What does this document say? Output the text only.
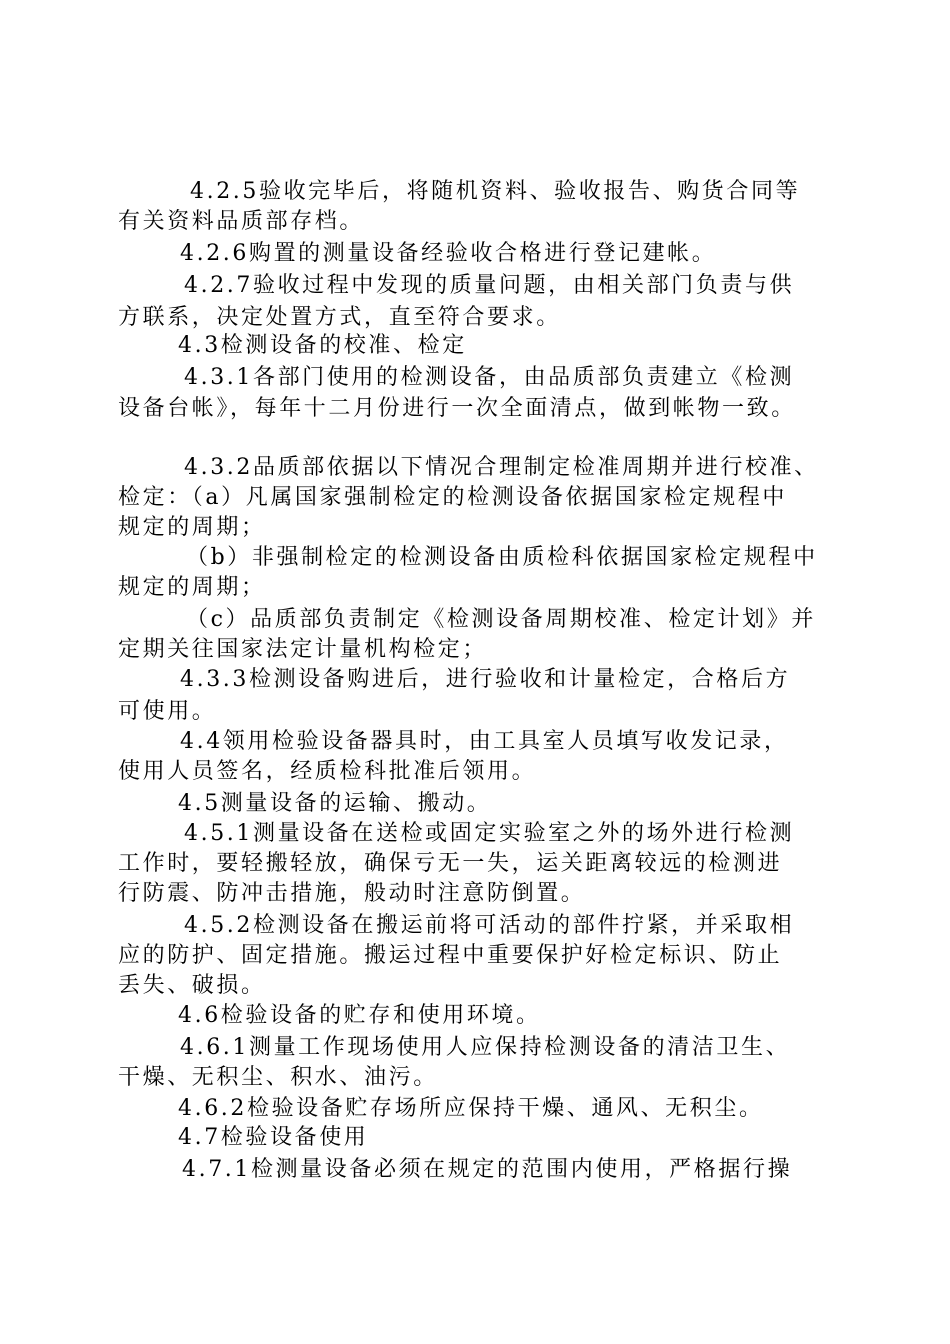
4.2.5验收完毕后，将随机资料、验收报告、购货合同等
有关资料品质部存档。
4.2.6购置的测量设备经验收合格进行登记建帐。
4.2.7验收过程中发现的质量问题，由相关部门负责与供
方联系，决定处置方式，直至符合要求。
4.3检测设备的校准、检定
4.3.1各部门使用的检测设备，由品质部负责建立《检测
设备台帐》，每年十二月份进行一次全面清点，做到帐物一致。
4.3.2品质部依据以下情况合理制定检准周期并进行校准、
检定：（a）凡属国家强制检定的检测设备依据国家检定规程中
规定的周期；
（b）非强制检定的检测设备由质检科依据国家检定规程中
规定的周期；
（c）品质部负责制定《检测设备周期校准、检定计划》并
定期关往国家法定计量机构检定；
4.3.3检测设备购进后，进行验收和计量检定，合格后方
可使用。
4.4领用检验设备器具时，由工具室人员填写收发记录，
使用人员签名，经质检科批准后领用。
4.5测量设备的运输、搬动。
4.5.1测量设备在送检或固定实验室之外的场外进行检测
工作时，要轻搬轻放，确保亏无一失，运关距离较远的检测进
行防震、防冲击措施，般动时注意防倒置。
4.5.2检测设备在搬运前将可活动的部件拧紧，并采取相
应的防护、固定措施。搬运过程中重要保护好检定标识、防止
丢失、破损。
4.6检验设备的贮存和使用环境。
4.6.1测量工作现场使用人应保持检测设备的清洁卫生、
干燥、无积尘、积水、油污。
4.6.2检验设备贮存场所应保持干燥、通风、无积尘。
4.7检验设备使用
4.7.1检测量设备必须在规定的范围内使用，严格据行操
